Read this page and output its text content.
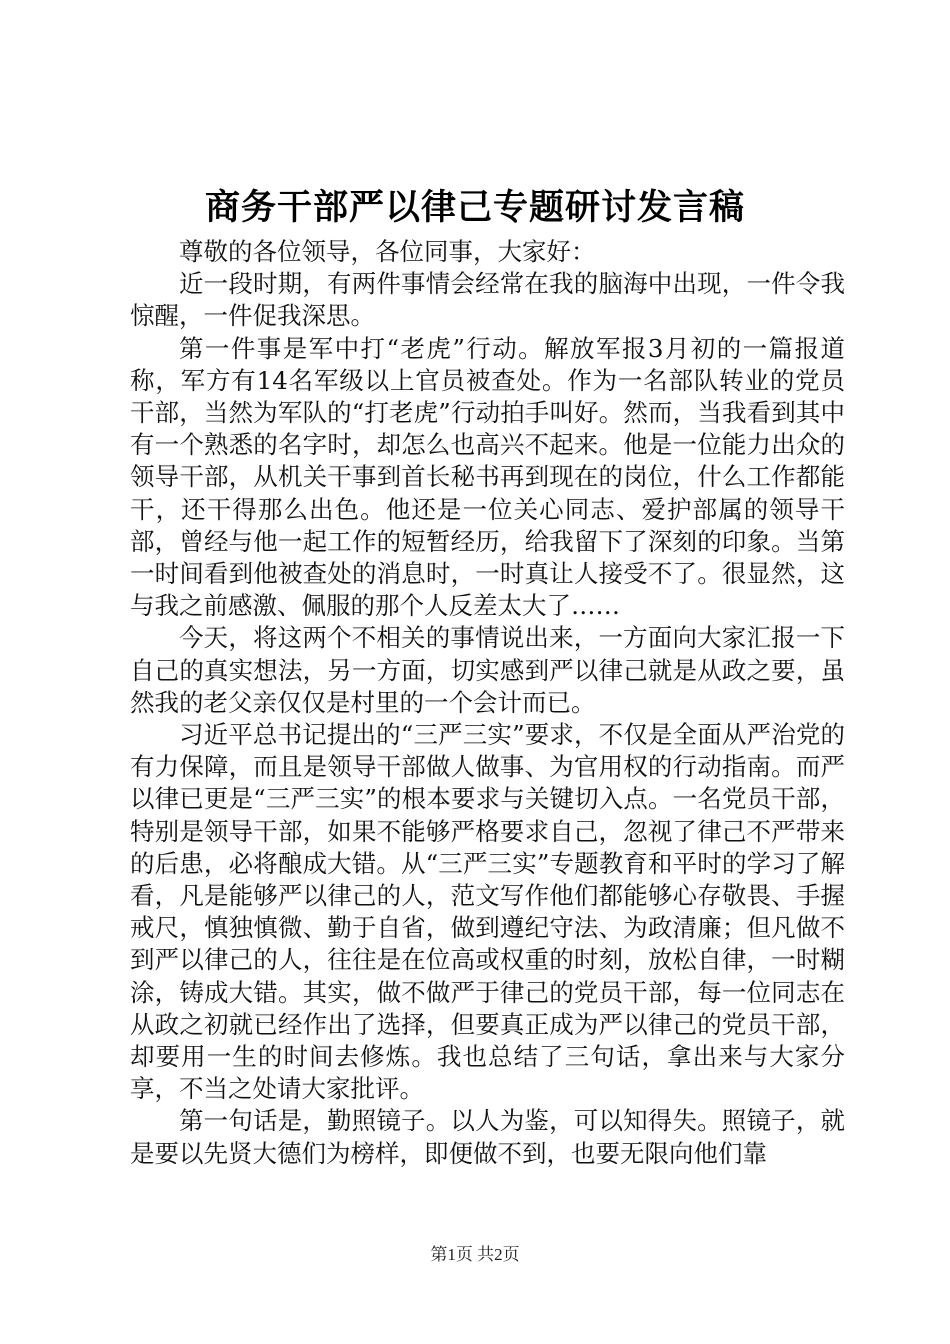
商务干部严以律己专题研讨发言稿

尊敬的各位领导，各位同事，大家好：

近一段时期，有两件事情会经常在我的脑海中出现，一件令我惊醒，一件促我深思。

第一件事是军中打“老虎”行动。解放军报3月初的一篇报道称，军方有14名军级以上官员被查处。作为一名部队转业的党员干部，当然为军队的“打老虎”行动拍手叫好。然而，当我看到其中有一个熟悉的名字时，却怎么也高兴不起来。他是一位能力出众的领导干部，从机关干事到首长秘书再到现在的岗位，什么工作都能干，还干得那么出色。他还是一位关心同志、爱护部属的领导干部，曾经与他一起工作的短暂经历，给我留下了深刻的印象。当第一时间看到他被查处的消息时，一时真让人接受不了。很显然，这与我之前感激、佩服的那个人反差太大了……

今天，将这两个不相关的事情说出来，一方面向大家汇报一下自己的真实想法，另一方面，切实感到严以律己就是从政之要，虽然我的老父亲仅仅是村里的一个会计而已。

习近平总书记提出的“三严三实”要求，不仅是全面从严治党的有力保障，而且是领导干部做人做事、为官用权的行动指南。而严以律已更是“三严三实”的根本要求与关键切入点。一名党员干部，特别是领导干部，如果不能够严格要求自己，忽视了律己不严带来的后患，必将酿成大错。从“三严三实”专题教育和平时的学习了解看，凡是能够严以律己的人，范文写作他们都能够心存敬畏、手握戒尺，慎独慎微、勤于自省，做到遵纪守法、为政清廉；但凡做不到严以律己的人，往往是在位高或权重的时刻，放松自律，一时糊涂，铸成大错。其实，做不做严于律己的党员干部，每一位同志在从政之初就已经作出了选择，但要真正成为严以律己的党员干部，却要用一生的时间去修炼。我也总结了三句话，拿出来与大家分享，不当之处请大家批评。

第一句话是，勤照镜子。以人为鉴，可以知得失。照镜子，就是要以先贤大德们为榜样，即便做不到，也要无限向他们靠

第1页 共2页
